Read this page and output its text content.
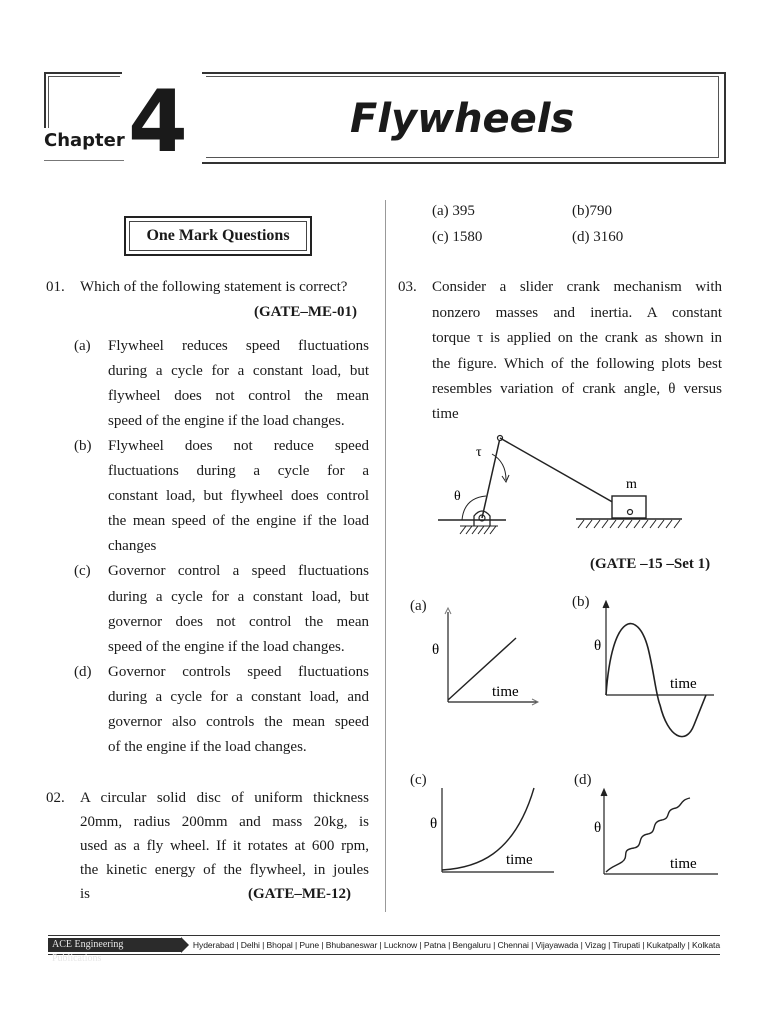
Chapter 4	Flywheels
One Mark Questions
01. Which of the following statement is correct?
(GATE–ME-01)
(a) Flywheel reduces speed fluctuations
during a cycle for a constant load, but
flywheel does not control the mean
speed of the engine if the load changes.
(b) Flywheel does not reduce speed
fluctuations during a cycle for a
constant load, but flywheel does control
the mean speed of the engine if the load
changes
(c) Governor control a speed fluctuations
during a cycle for a constant load, but
governor does not control the mean
speed of the engine if the load changes.
(d) Governor controls speed fluctuations
during a cycle for a constant load, and
governor also controls the mean speed
of the engine if the load changes.
02. A circular solid disc of uniform thickness
20mm, radius 200mm and mass 20kg, is
used as a fly wheel. If it rotates at 600 rpm,
the kinetic energy of the flywheel, in joules
is	(GATE–ME-12)
(a) 395	(b)790
(c) 1580	(d) 3160
03. Consider a slider crank mechanism with
nonzero masses and inertia. A constant
torque τ is applied on the crank as shown in
the figure. Which of the following plots best
resembles variation of crank angle, θ versus
time
θ
τ
m
(GATE –15 –Set 1)
(a)
θ
time
(b)
θ
time
(c)
θ
time
(d)
θ
time
ACE Engineering Publications
Hyderabad | Delhi | Bhopal | Pune | Bhubaneswar | Lucknow | Patna | Bengaluru | Chennai | Vijayawada | Vizag | Tirupati | Kukatpally | Kolkata
